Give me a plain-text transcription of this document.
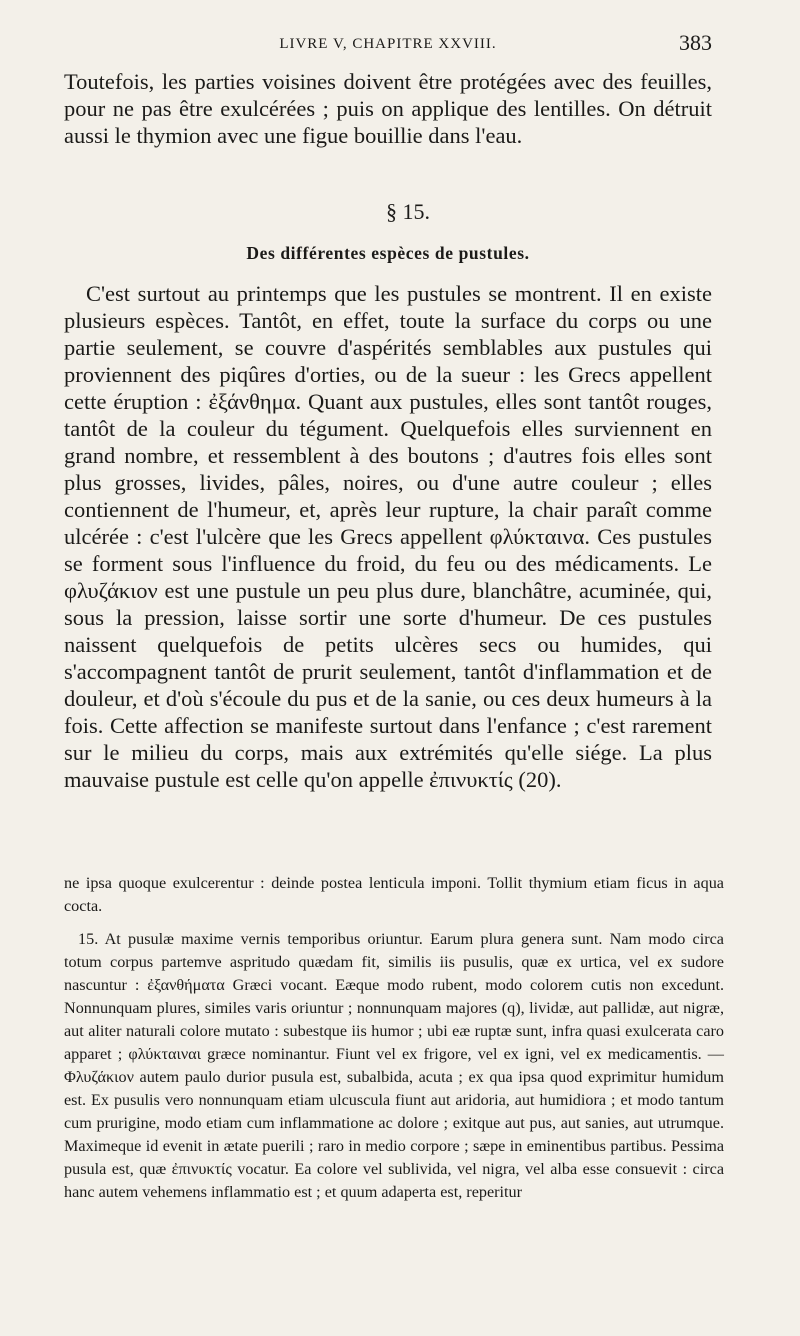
LIVRE V, CHAPITRE XXVIII.	383

Toutefois, les parties voisines doivent être protégées avec des feuilles, pour ne pas être exulcérées ; puis on applique des lentilles. On détruit aussi le thymion avec une figue bouillie dans l'eau.

§ 15.
Des différentes espèces de pustules.

C'est surtout au printemps que les pustules se montrent. Il en existe plusieurs espèces. Tantôt, en effet, toute la surface du corps ou une partie seulement, se couvre d'aspérités semblables aux pustules qui proviennent des piqûres d'orties, ou de la sueur : les Grecs appellent cette éruption : ἐξάνθημα. Quant aux pustules, elles sont tantôt rouges, tantôt de la couleur du tégument. Quelquefois elles surviennent en grand nombre, et ressemblent à des boutons ; d'autres fois elles sont plus grosses, livides, pâles, noires, ou d'une autre couleur ; elles contiennent de l'humeur, et, après leur rupture, la chair paraît comme ulcérée : c'est l'ulcère que les Grecs appellent φλύκταινα. Ces pustules se forment sous l'influence du froid, du feu ou des médicaments. Le φλυζάκιον est une pustule un peu plus dure, blanchâtre, acuminée, qui, sous la pression, laisse sortir une sorte d'humeur. De ces pustules naissent quelquefois de petits ulcères secs ou humides, qui s'accompagnent tantôt de prurit seulement, tantôt d'inflammation et de douleur, et d'où s'écoule du pus et de la sanie, ou ces deux humeurs à la fois. Cette affection se manifeste surtout dans l'enfance ; c'est rarement sur le milieu du corps, mais aux extrémités qu'elle siége. La plus mauvaise pustule est celle qu'on appelle ἐπινυκτίς (20).

ne ipsa quoque exulcerentur : deinde postea lenticula imponi. Tollit thymium etiam ficus in aqua cocta.

15. At pusulæ maxime vernis temporibus oriuntur. Earum plura genera sunt. Nam modo circa totum corpus partemve aspritudo quædam fit, similis iis pusulis, quæ ex urtica, vel ex sudore nascuntur : ἐξανθήματα Græci vocant. Eæque modo rubent, modo colorem cutis non excedunt. Nonnunquam plures, similes varis oriuntur ; nonnunquam majores (q), lividæ, aut pallidæ, aut nigræ, aut aliter naturali colore mutato : subestque iis humor ; ubi eæ ruptæ sunt, infra quasi exulcerata caro apparet ; φλύκταιναι græce nominantur. Fiunt vel ex frigore, vel ex igni, vel ex medicamentis. — Φλυζάκιον autem paulo durior pusula est, subalbida, acuta ; ex qua ipsa quod exprimitur humidum est. Ex pusulis vero nonnunquam etiam ulcuscula fiunt aut aridoria, aut humidiora ; et modo tantum cum prurigine, modo etiam cum inflammatione ac dolore ; exitque aut pus, aut sanies, aut utrumque. Maximeque id evenit in ætate puerili ; raro in medio corpore ; sæpe in eminentibus partibus. Pessima pusula est, quæ ἐπινυκτίς vocatur. Ea colore vel sublivida, vel nigra, vel alba esse consuevit : circa hanc autem vehemens inflammatio est ; et quum adaperta est, reperitur
